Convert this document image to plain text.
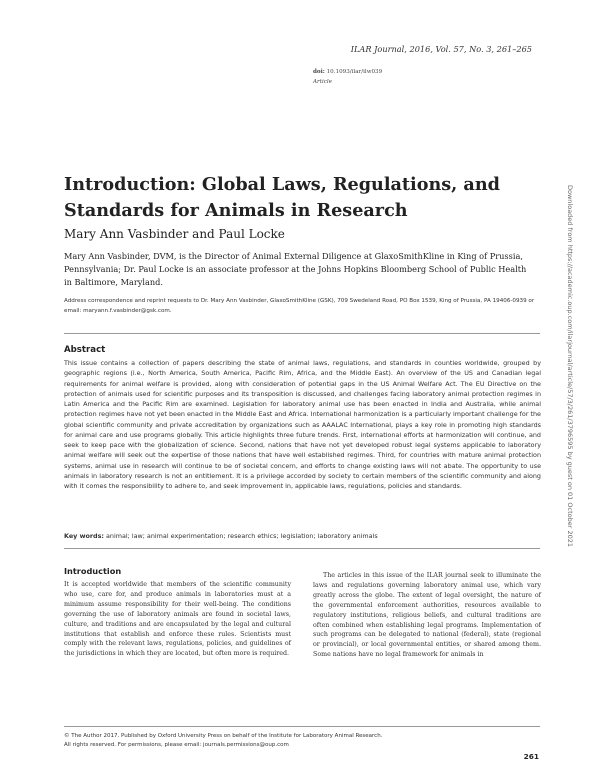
ILAR Journal, 2016, Vol. 57, No. 3, 261–265
doi: 10.1093/ilar/ilw039
Article
Introduction: Global Laws, Regulations, and Standards for Animals in Research
Mary Ann Vasbinder and Paul Locke
Mary Ann Vasbinder, DVM, is the Director of Animal External Diligence at GlaxoSmithKline in King of Prussia, Pennsylvania; Dr. Paul Locke is an associate professor at the Johns Hopkins Bloomberg School of Public Health in Baltimore, Maryland.
Address correspondence and reprint requests to Dr. Mary Ann Vasbinder, GlaxoSmithKline (GSK), 709 Swedeland Road, PO Box 1539, King of Prussia, PA 19406-0939 or email: maryann.f.vasbinder@gsk.com.
Abstract
This issue contains a collection of papers describing the state of animal laws, regulations, and standards in counties worldwide, grouped by geographic regions (i.e., North America, South America, Pacific Rim, Africa, and the Middle East). An overview of the US and Canadian legal requirements for animal welfare is provided, along with consideration of potential gaps in the US Animal Welfare Act. The EU Directive on the protection of animals used for scientific purposes and its transposition is discussed, and challenges facing laboratory animal protection regimes in Latin America and the Pacific Rim are examined. Legislation for laboratory animal use has been enacted in India and Australia, while animal protection regimes have not yet been enacted in the Middle East and Africa. International harmonization is a particularly important challenge for the global scientific community and private accreditation by organizations such as AAALAC International, plays a key role in promoting high standards for animal care and use programs globally. This article highlights three future trends. First, international efforts at harmonization will continue, and seek to keep pace with the globalization of science. Second, nations that have not yet developed robust legal systems applicable to laboratory animal welfare will seek out the expertise of those nations that have well established regimes. Third, for countries with mature animal protection systems, animal use in research will continue to be of societal concern, and efforts to change existing laws will not abate. The opportunity to use animals in laboratory research is not an entitlement. It is a privilege accorded by society to certain members of the scientific community and along with it comes the responsibility to adhere to, and seek improvement in, applicable laws, regulations, policies and standards.
Key words: animal; law; animal experimentation; research ethics; legislation; laboratory animals
Introduction
It is accepted worldwide that members of the scientific community who use, care for, and produce animals in laboratories must at a minimum assume responsibility for their well-being. The conditions governing the use of laboratory animals are found in societal laws, culture, and traditions and are encapsulated by the legal and cultural institutions that establish and enforce these rules. Scientists must comply with the relevant laws, regulations, policies, and guidelines of the jurisdictions in which they are located, but often more is required.
The articles in this issue of the ILAR journal seek to illuminate the laws and regulations governing laboratory animal use, which vary greatly across the globe. The extent of legal oversight, the nature of the governmental enforcement authorities, resources available to regulatory institutions, religious beliefs, and cultural traditions are often combined when establishing legal programs. Implementation of such programs can be delegated to national (federal), state (regional or provincial), or local governmental entities, or shared among them. Some nations have no legal framework for animals in
© The Author 2017. Published by Oxford University Press on behalf of the Institute for Laboratory Animal Research.
All rights reserved. For permissions, please email: journals.permissions@oup.com
261
Downloaded from https://academic.oup.com/ilarjournal/article/57/3/261/3796595 by guest on 01 October 2021
